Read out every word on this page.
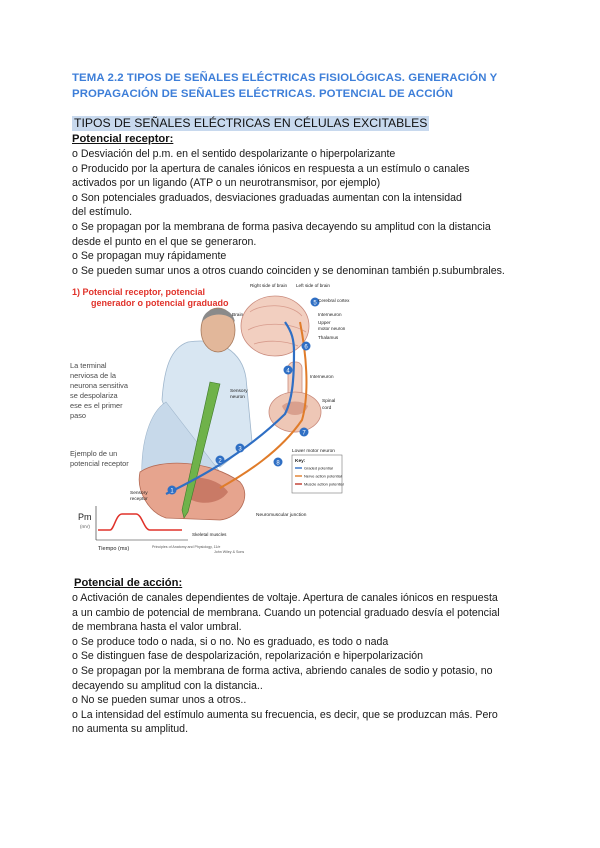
TEMA 2.2 TIPOS DE SEÑALES ELÉCTRICAS FISIOLÓGICAS. GENERACIÓN Y
PROPAGACIÓN DE SEÑALES ELÉCTRICAS. POTENCIAL DE ACCIÓN
TIPOS DE SEÑALES ELÉCTRICAS EN CÉLULAS EXCITABLES
Potencial receptor:
o Desviación del p.m. en el sentido despolarizante o hiperpolarizante
o Producido por la apertura de canales iónicos en respuesta a un estímulo o canales
activados por un ligando (ATP o un neurotransmisor, por ejemplo)
o Son potenciales graduados, desviaciones graduadas aumentan con la intensidad
del estímulo.
o Se propagan por la membrana de forma pasiva decayendo su amplitud con la distancia
desde el punto en el que se generaron.
o Se propagan muy rápidamente
o Se pueden sumar unos a otros cuando coinciden y se denominan también p.subumbrales.
1
2
3
4
5
6
7
8
1) Potencial receptor, potencial
generador o potencial graduado
Right side of brain Left side of brain
Cerebral cortex
Interneuron
Upper
motor neuron
Thalamus
Brain
Interneuron
La terminal
nerviosa de la
neurona sensitiva
se despolariza
ese es el primer
paso
Sensory
neuron
Spinal
cord
Ejemplo de un
potencial receptor
Lower motor neuron
Key:
Graded potential
Nerve action potential
Muscle action potential
Sensory
receptor
Neuromuscular junction
Pm
(mV)
Skeletal muscles
Tiempo (ms)	Principles of Anatomy and Physiology, 11/e
John Wiley & Sons
Potencial de acción:
o Activación de canales dependientes de voltaje. Apertura de canales iónicos en respuesta
a un cambio de potencial de membrana. Cuando un potencial graduado desvía el potencial
de membrana hasta el valor umbral.
o Se produce todo o nada, si o no. No es graduado, es todo o nada
o Se distinguen fase de despolarización, repolarización e hiperpolarización
o Se propagan por la membrana de forma activa, abriendo canales de sodio y potasio, no
decayendo su amplitud con la distancia..
o No se pueden sumar unos a otros..
o La intensidad del estímulo aumenta su frecuencia, es decir, que se produzcan más. Pero
no aumenta su amplitud.
